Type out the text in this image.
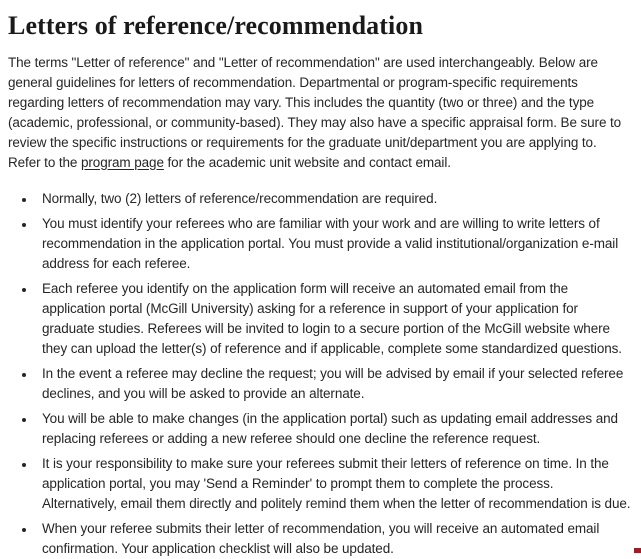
Letters of reference/recommendation

The terms "Letter of reference" and "Letter of recommendation" are used interchangeably. Below are general guidelines for letters of recommendation. Departmental or program-specific requirements regarding letters of recommendation may vary. This includes the quantity (two or three) and the type (academic, professional, or community-based). They may also have a specific appraisal form. Be sure to review the specific instructions or requirements for the graduate unit/department you are applying to. Refer to the program page for the academic unit website and contact email.

• Normally, two (2) letters of reference/recommendation are required.
• You must identify your referees who are familiar with your work and are willing to write letters of recommendation in the application portal. You must provide a valid institutional/organization e-mail address for each referee.
• Each referee you identify on the application form will receive an automated email from the application portal (McGill University) asking for a reference in support of your application for graduate studies. Referees will be invited to login to a secure portion of the McGill website where they can upload the letter(s) of reference and if applicable, complete some standardized questions.
• In the event a referee may decline the request; you will be advised by email if your selected referee declines, and you will be asked to provide an alternate.
• You will be able to make changes (in the application portal) such as updating email addresses and replacing referees or adding a new referee should one decline the reference request.
• It is your responsibility to make sure your referees submit their letters of reference on time. In the application portal, you may 'Send a Reminder' to prompt them to complete the process. Alternatively, email them directly and politely remind them when the letter of recommendation is due.
• When your referee submits their letter of recommendation, you will receive an automated email confirmation. Your application checklist will also be updated.
